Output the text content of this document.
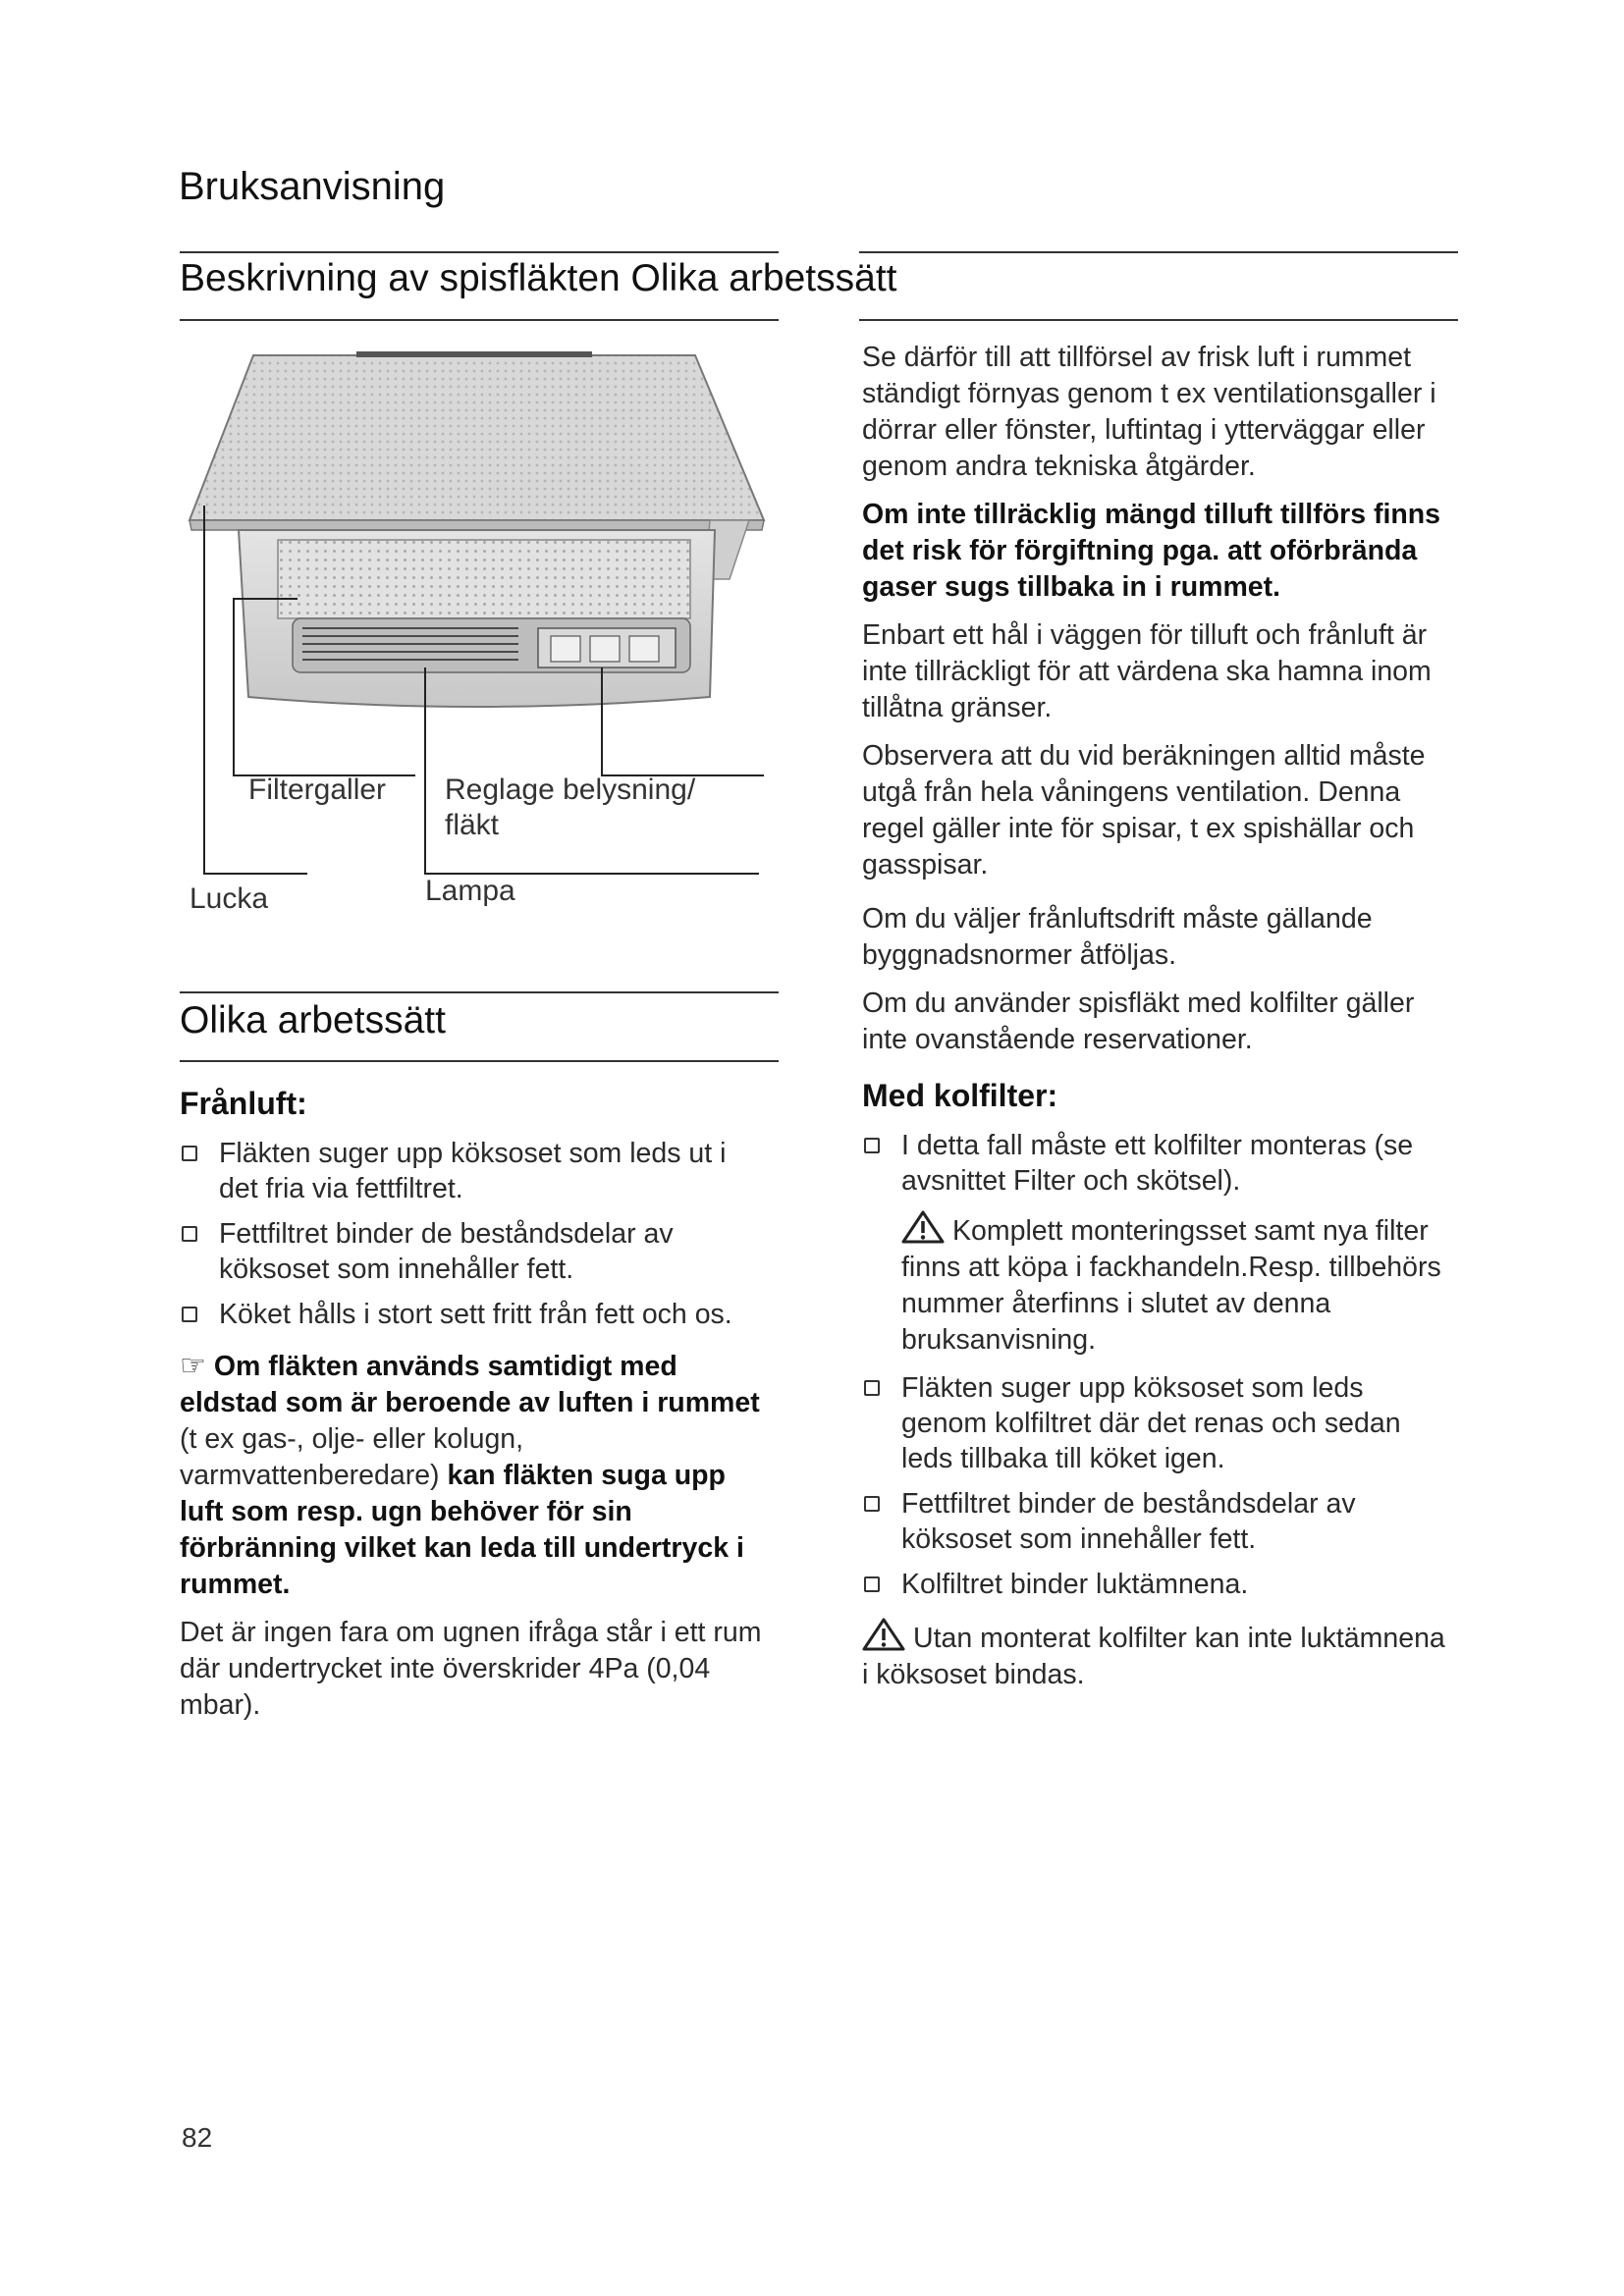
Bruksanvisning
Beskrivning av spisfläkten Olika arbetssätt
Filtergaller Reglage belysning/
fläkt
Lucka	Lampa
Olika arbetssätt
Frånluft:
Fläkten suger upp köksoset som leds ut i det fria via fettfiltret.
Fettfiltret binder de beståndsdelar av köksoset som innehåller fett.
Köket hålls i stort sett fritt från fett och os.

☞ Om fläkten används samtidigt med eldstad som är beroende av luften i rummet (t ex gas-, olje- eller kolugn, varmvattenberedare) kan fläkten suga upp luft som resp. ugn behöver för sin förbränning vilket kan leda till undertryck i rummet.

Det är ingen fara om ugnen ifråga står i ett rum där undertrycket inte överskrider 4Pa (0,04 mbar).

Se därför till att tillförsel av frisk luft i rummet ständigt förnyas genom t ex ventilationsgaller i dörrar eller fönster, luftintag i ytterväggar eller genom andra tekniska åtgärder.

Om inte tillräcklig mängd tilluft tillförs finns det risk för förgiftning pga. att oförbrända gaser sugs tillbaka in i rummet.

Enbart ett hål i väggen för tilluft och frånluft är inte tillräckligt för att värdena ska hamna inom tillåtna gränser.

Observera att du vid beräkningen alltid måste utgå från hela våningens ventilation. Denna regel gäller inte för spisar, t ex spishällar och gasspisar.

Om du väljer frånluftsdrift måste gällande byggnadsnormer åtföljas.

Om du använder spisfläkt med kolfilter gäller inte ovanstående reservationer.

Med kolfilter:
I detta fall måste ett kolfilter monteras (se avsnittet Filter och skötsel).

Komplett monteringsset samt nya filter finns att köpa i fackhandeln.Resp. tillbehörs nummer återfinns i slutet av denna bruksanvisning.

Fläkten suger upp köksoset som leds genom kolfiltret där det renas och sedan leds tillbaka till köket igen.
Fettfiltret binder de beståndsdelar av köksoset som innehåller fett.
Kolfiltret binder luktämnena.

Utan monterat kolfilter kan inte luktämnena i köksoset bindas.

82
